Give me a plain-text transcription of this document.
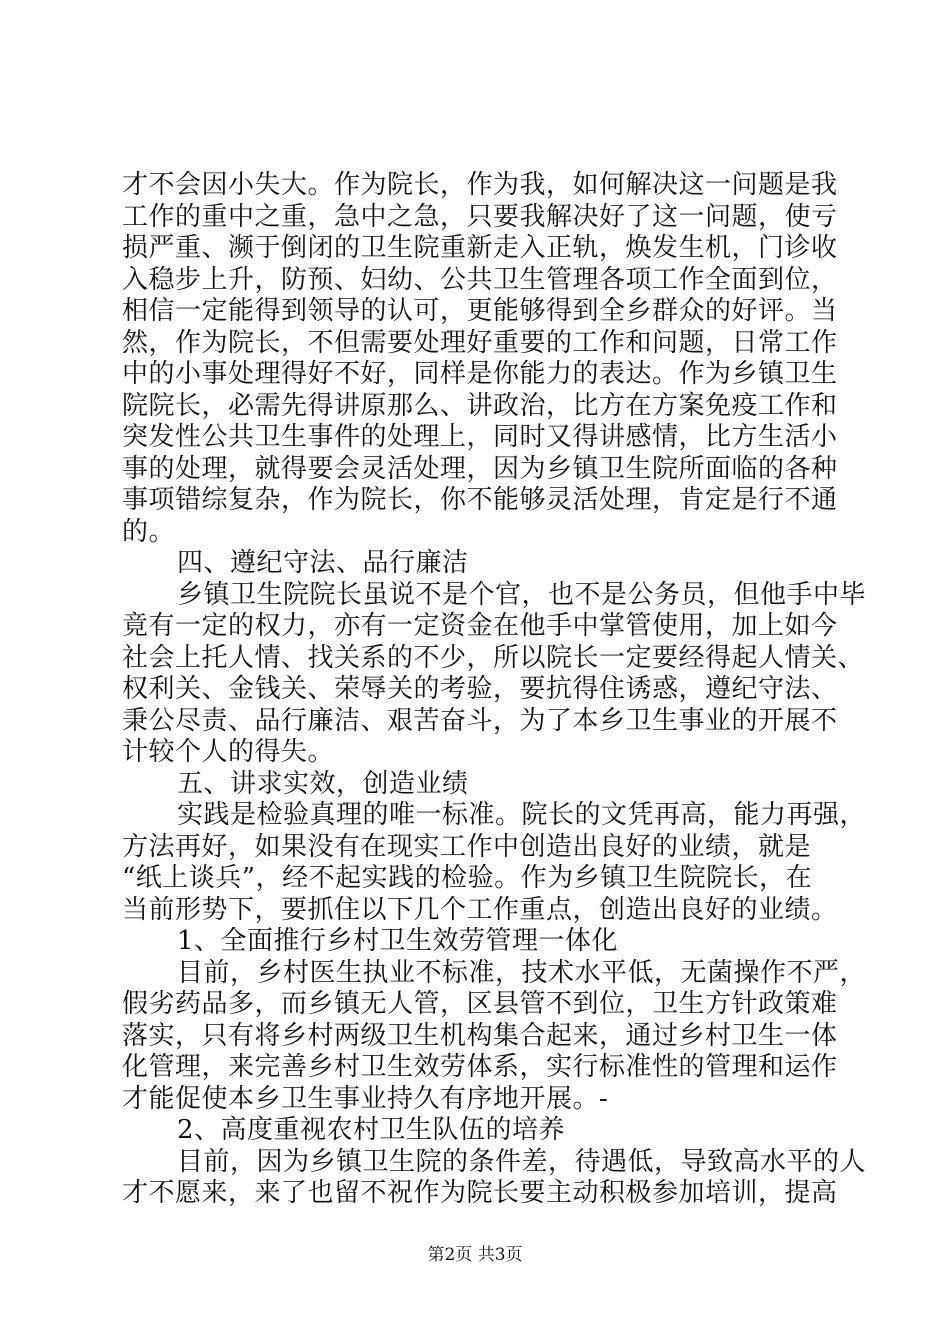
才不会因小失大。作为院长，作为我，如何解决这一问题是我
工作的重中之重，急中之急，只要我解决好了这一问题，使亏
损严重、濒于倒闭的卫生院重新走入正轨，焕发生机，门诊收
入稳步上升，防预、妇幼、公共卫生管理各项工作全面到位，
相信一定能得到领导的认可，更能够得到全乡群众的好评。当
然，作为院长，不但需要处理好重要的工作和问题，日常工作
中的小事处理得好不好，同样是你能力的表达。作为乡镇卫生
院院长，必需先得讲原那么、讲政治，比方在方案免疫工作和
突发性公共卫生事件的处理上，同时又得讲感情，比方生活小
事的处理，就得要会灵活处理，因为乡镇卫生院所面临的各种
事项错综复杂，作为院长，你不能够灵活处理，肯定是行不通
的。
四、遵纪守法、品行廉洁
乡镇卫生院院长虽说不是个官，也不是公务员，但他手中毕
竟有一定的权力，亦有一定资金在他手中掌管使用，加上如今
社会上托人情、找关系的不少，所以院长一定要经得起人情关、
权利关、金钱关、荣辱关的考验，要抗得住诱惑，遵纪守法、
秉公尽责、品行廉洁、艰苦奋斗，为了本乡卫生事业的开展不
计较个人的得失。
五、讲求实效，创造业绩
实践是检验真理的唯一标准。院长的文凭再高，能力再强，
方法再好，如果没有在现实工作中创造出良好的业绩，就是
“纸上谈兵”，经不起实践的检验。作为乡镇卫生院院长，在
当前形势下，要抓住以下几个工作重点，创造出良好的业绩。
1、全面推行乡村卫生效劳管理一体化
目前，乡村医生执业不标准，技术水平低，无菌操作不严，
假劣药品多，而乡镇无人管，区县管不到位，卫生方针政策难
落实，只有将乡村两级卫生机构集合起来，通过乡村卫生一体
化管理，来完善乡村卫生效劳体系，实行标准性的管理和运作
才能促使本乡卫生事业持久有序地开展。-
2、高度重视农村卫生队伍的培养
目前，因为乡镇卫生院的条件差，待遇低，导致高水平的人
才不愿来，来了也留不祝作为院长要主动积极参加培训，提高
第2页 共3页
